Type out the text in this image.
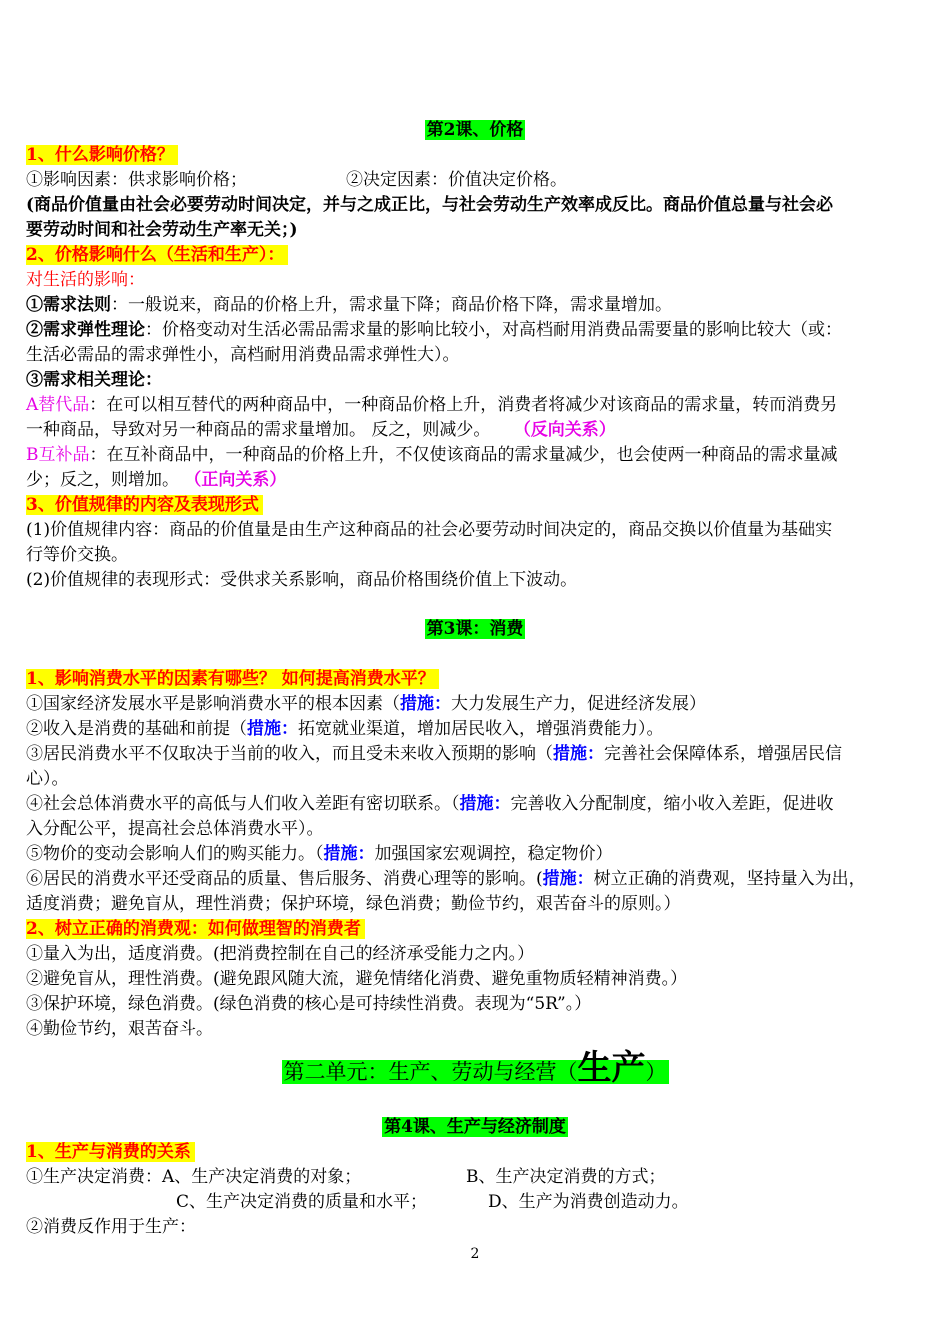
第2课、价格
1、什么影响价格？
①影响因素：供求影响价格；	②决定因素：价值决定价格。
(商品价值量由社会必要劳动时间决定，并与之成正比，与社会劳动生产效率成反比。商品价值总量与社会必
要劳动时间和社会劳动生产率无关；)
2、价格影响什么（生活和生产）：
对生活的影响：
①需求法则：一般说来，商品的价格上升，需求量下降；商品价格下降，需求量增加。
②需求弹性理论：价格变动对生活必需品需求量的影响比较小，对高档耐用消费品需要量的影响比较大（或：
生活必需品的需求弹性小，高档耐用消费品需求弹性大）。
③需求相关理论：
A替代品：在可以相互替代的两种商品中，一种商品价格上升，消费者将减少对该商品的需求量，转而消费另
一种商品，导致对另一种商品的需求量增加。 反之，则减少。 （反向关系）
B互补品：在互补商品中，一种商品的价格上升，不仅使该商品的需求量减少，也会使两一种商品的需求量减
少；反之，则增加。 （正向关系）
3、价值规律的内容及表现形式
(1)价值规律内容：商品的价值量是由生产这种商品的社会必要劳动时间决定的，商品交换以价值量为基础实
行等价交换。
(2)价值规律的表现形式：受供求关系影响，商品价格围绕价值上下波动。
第3课：消费
1、影响消费水平的因素有哪些？ 如何提高消费水平？
①国家经济发展水平是影响消费水平的根本因素（措施：大力发展生产力，促进经济发展）
②收入是消费的基础和前提（措施：拓宽就业渠道，增加居民收入，增强消费能力）。
③居民消费水平不仅取决于当前的收入，而且受未来收入预期的影响（措施：完善社会保障体系，增强居民信
心）。
④社会总体消费水平的高低与人们收入差距有密切联系。（措施：完善收入分配制度，缩小收入差距，促进收
入分配公平，提高社会总体消费水平）。
⑤物价的变动会影响人们的购买能力。（措施：加强国家宏观调控，稳定物价）
⑥居民的消费水平还受商品的质量、售后服务、消费心理等的影响。(措施：树立正确的消费观，坚持量入为出，
适度消费；避免盲从，理性消费；保护环境，绿色消费；勤俭节约，艰苦奋斗的原则。）
2、树立正确的消费观：如何做理智的消费者
①量入为出，适度消费。(把消费控制在自己的经济承受能力之内。）
②避免盲从，理性消费。(避免跟风随大流，避免情绪化消费、避免重物质轻精神消费。）
③保护环境，绿色消费。(绿色消费的核心是可持续性消费。表现为“5R”。）
④勤俭节约，艰苦奋斗。
第二单元：生产、劳动与经营（生产）
第4课、生产与经济制度
1、生产与消费的关系
①生产决定消费：A、生产决定消费的对象；	B、生产决定消费的方式；
C、生产决定消费的质量和水平；	D、生产为消费创造动力。
②消费反作用于生产：
2
